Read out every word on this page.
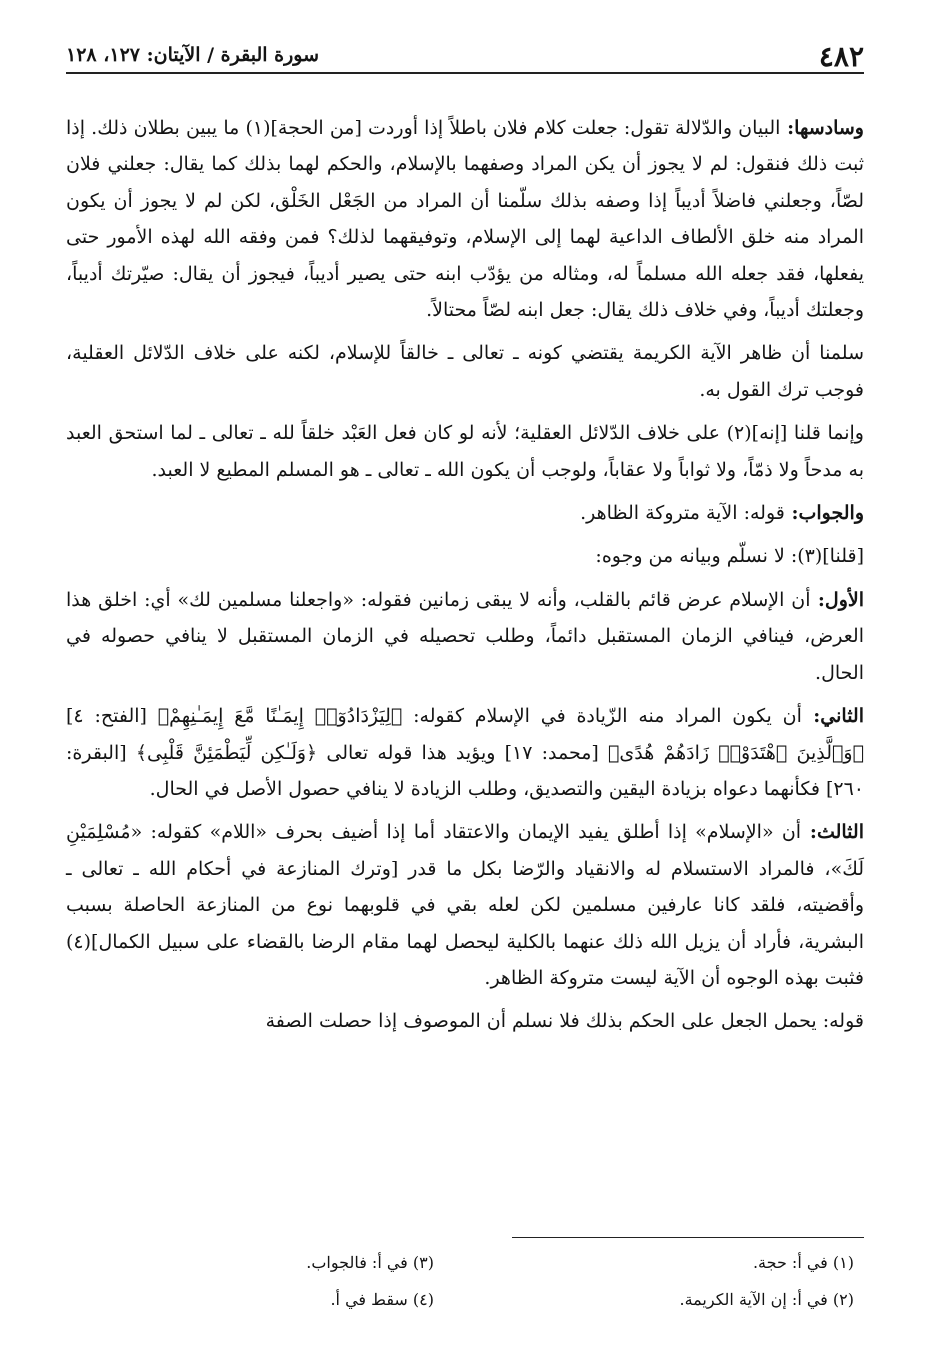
٤٨٢
سورة البقرة / الآيتان: ١٢٧، ١٢٨

وسادسها: البيان والدّلالة تقول: جعلت كلام فلان باطلاً إذا أوردت [من الحجة](١) ما يبين بطلان ذلك. إذا ثبت ذلك فنقول: لم لا يجوز أن يكن المراد وصفهما بالإسلام، والحكم لهما بذلك كما يقال: جعلني فلان لصّاً، وجعلني فاضلاً أديباً إذا وصفه بذلك سلّمنا أن المراد من الجَعْل الخَلْق، لكن لم لا يجوز أن يكون المراد منه خلق الألطاف الداعية لهما إلى الإسلام، وتوفيقهما لذلك؟ فمن وفقه الله لهذه الأمور حتى يفعلها، فقد جعله الله مسلماً له، ومثاله من يؤدّب ابنه حتى يصير أديباً، فيجوز أن يقال: صيّرتك أديباً، وجعلتك أديباً، وفي خلاف ذلك يقال: جعل ابنه لصّاً محتالاً.

سلمنا أن ظاهر الآية الكريمة يقتضي كونه ـ تعالى ـ خالقاً للإسلام، لكنه على خلاف الدّلائل العقلية، فوجب ترك القول به.

وإنما قلنا [إنه](٢) على خلاف الدّلائل العقلية؛ لأنه لو كان فعل العَبْد خلقاً لله ـ تعالى ـ لما استحق العبد به مدحاً ولا ذمّاً، ولا ثواباً ولا عقاباً، ولوجب أن يكون الله ـ تعالى ـ هو المسلم المطيع لا العبد.

والجواب: قوله: الآية متروكة الظاهر.

[قلنا](٣): لا نسلّم وبيانه من وجوه:

الأول: أن الإسلام عرض قائم بالقلب، وأنه لا يبقى زمانين فقوله: «واجعلنا مسلمين لك» أي: اخلق هذا العرض، فينافي الزمان المستقبل دائماً، وطلب تحصيله في الزمان المستقبل لا ينافي حصوله في الحال.

الثاني: أن يكون المراد منه الزّيادة في الإسلام كقوله: ﴿لِيَزْدَادُوٓا۟ إِيمَـٰنًا مَّعَ إِيمَـٰنِهِمْ﴾ [الفتح: ٤] ﴿وَٱلَّذِينَ ٱهْتَدَوْا۟ زَادَهُمْ هُدًى﴾ [محمد: ١٧] ويؤيد هذا قوله تعالى ﴿وَلَـٰكِن لِّيَطْمَئِنَّ قَلْبِى﴾ [البقرة: ٢٦٠] فكأنهما دعواه بزيادة اليقين والتصديق، وطلب الزيادة لا ينافي حصول الأصل في الحال.

الثالث: أن «الإسلام» إذا أطلق يفيد الإيمان والاعتقاد أما إذا أضيف بحرف «اللام» كقوله: «مُسْلِمَيْنِ لَكَ»، فالمراد الاستسلام له والانقياد والرّضا بكل ما قدر [وترك المنازعة في أحكام الله ـ تعالى ـ وأقضيته، فلقد كانا عارفين مسلمين لكن لعله بقي في قلوبهما نوع من المنازعة الحاصلة بسبب البشرية، فأراد أن يزيل الله ذلك عنهما بالكلية ليحصل لهما مقام الرضا بالقضاء على سبيل الكمال](٤) فثبت بهذه الوجوه أن الآية ليست متروكة الظاهر.

قوله: يحمل الجعل على الحكم بذلك فلا نسلم أن الموصوف إذا حصلت الصفة

(١) في أ: حجة.
(٢) في أ: إن الآية الكريمة.
(٣) في أ: فالجواب.
(٤) سقط في أ.
